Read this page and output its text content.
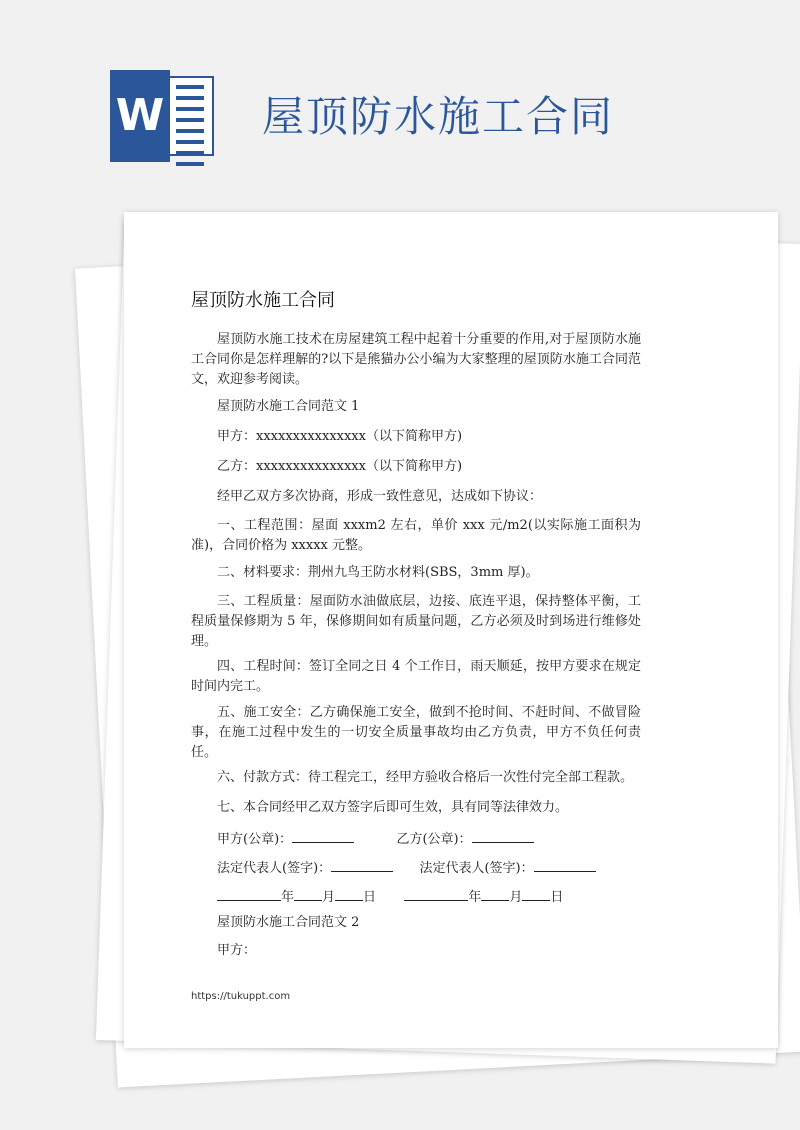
W 屋顶防水施工合同
屋顶防水施工合同
屋顶防水施工技术在房屋建筑工程中起着十分重要的作用,对于屋顶防水施工合同你是怎样理解的?以下是熊猫办公小编为大家整理的屋顶防水施工合同范文，欢迎参考阅读。
屋顶防水施工合同范文 1
甲方：xxxxxxxxxxxxxxx（以下简称甲方)
乙方：xxxxxxxxxxxxxxx（以下简称甲方)
经甲乙双方多次协商，形成一致性意见，达成如下协议：
一、工程范围：屋面 xxxm2 左右，单价 xxx 元/m2(以实际施工面积为准)，合同价格为 xxxxx 元整。
二、材料要求：荆州九鸟王防水材料(SBS，3mm 厚)。
三、工程质量：屋面防水油做底层，边接、底连平退，保持整体平衡，工程质量保修期为 5 年，保修期间如有质量问题，乙方必须及时到场进行维修处理。
四、工程时间：签订全同之日 4 个工作日，雨天顺延，按甲方要求在规定时间内完工。
五、施工安全：乙方确保施工安全，做到不抢时间、不赶时间、不做冒险事，在施工过程中发生的一切安全质量事故均由乙方负责，甲方不负任何责任。
六、付款方式：待工程完工，经甲方验收合格后一次性付完全部工程款。
七、本合同经甲乙双方签字后即可生效，具有同等法律效力。
甲方(公章)：	乙方(公章)：
法定代表人(签字)：	法定代表人(签字)：
年 月 日	年 月 日
屋顶防水施工合同范文 2
甲方：
https://tukuppt.com
